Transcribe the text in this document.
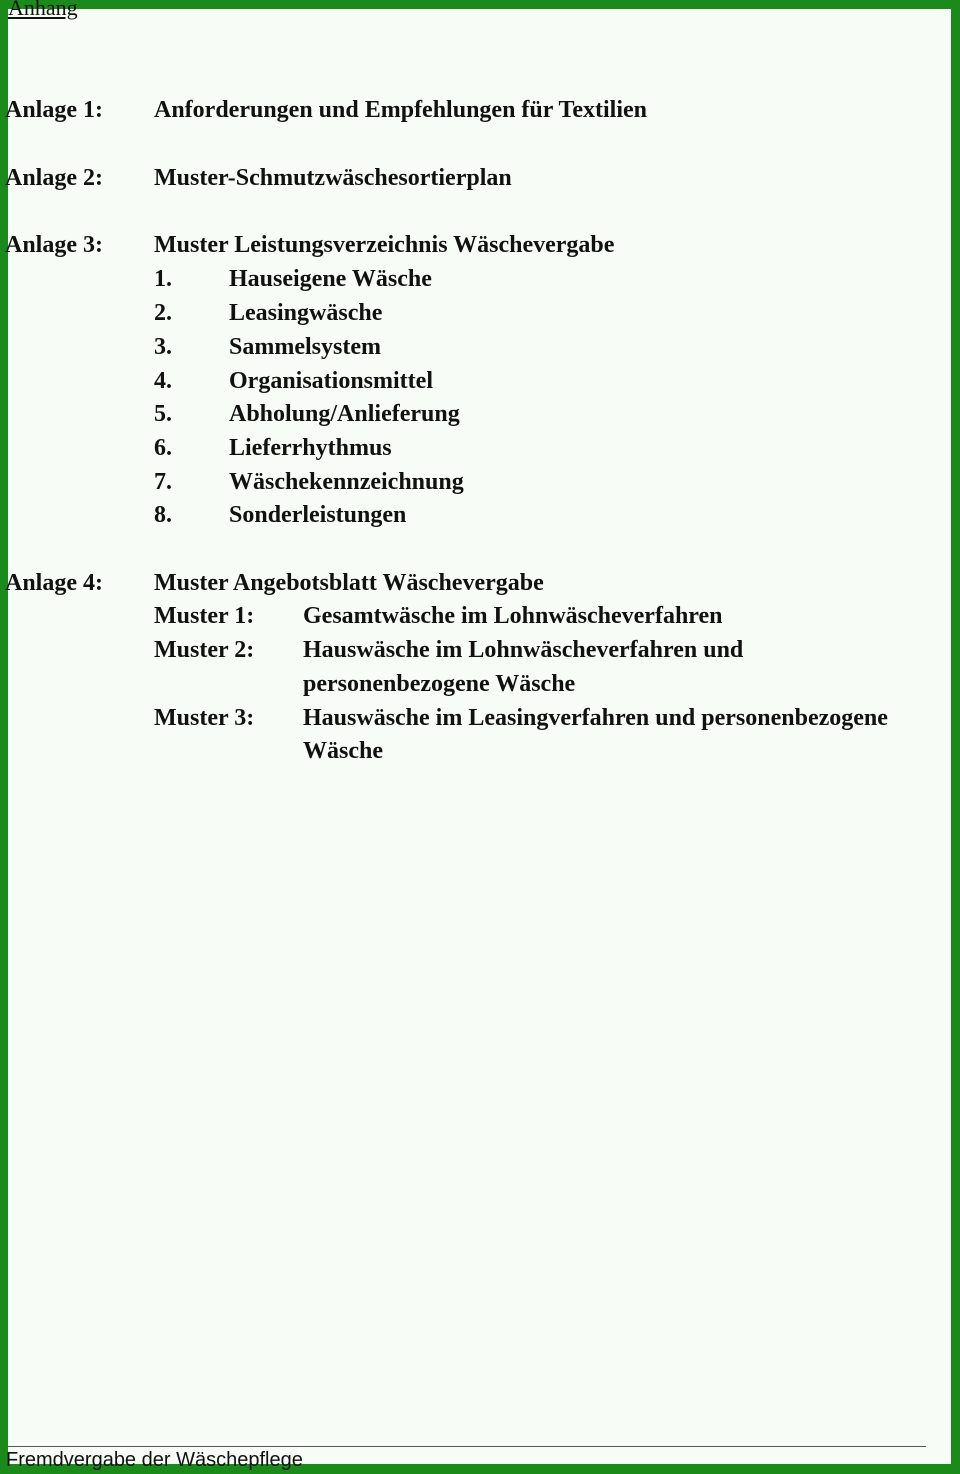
Anhang
Anlage 1: Anforderungen und Empfehlungen für Textilien
Anlage 2: Muster-Schmutzwäschesortierplan
Anlage 3: Muster Leistungsverzeichnis Wäschevergabe
1. Hauseigene Wäsche
2. Leasingwäsche
3. Sammelsystem
4. Organisationsmittel
5. Abholung/Anlieferung
6. Lieferrhythmus
7. Wäschekennzeichnung
8. Sonderleistungen
Anlage 4: Muster Angebotsblatt Wäschevergabe
Muster 1: Gesamtwäsche im Lohnwäscheverfahren
Muster 2: Hauswäsche im Lohnwäscheverfahren und
personenbezogene Wäsche
Muster 3: Hauswäsche im Leasingverfahren und personenbezogene
Wäsche
Fremdvergabe der Wäschepflege
